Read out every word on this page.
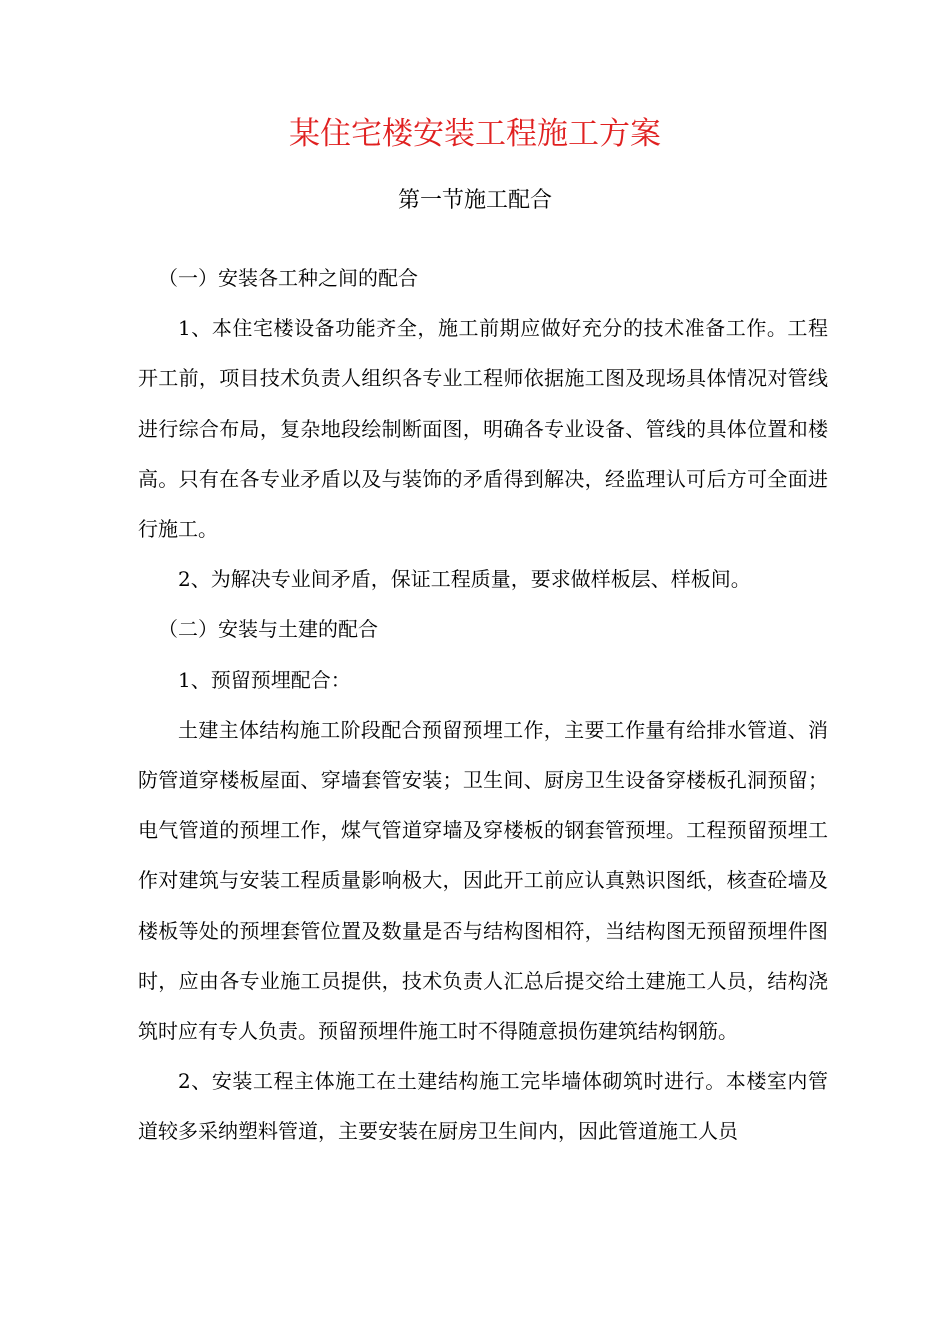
某住宅楼安装工程施工方案
第一节施工配合

（一）安装各工种之间的配合

1、本住宅楼设备功能齐全，施工前期应做好充分的技术准备工作。工程开工前，项目技术负责人组织各专业工程师依据施工图及现场具体情况对管线进行综合布局，复杂地段绘制断面图，明确各专业设备、管线的具体位置和楼高。只有在各专业矛盾以及与装饰的矛盾得到解决，经监理认可后方可全面进行施工。

2、为解决专业间矛盾，保证工程质量，要求做样板层、样板间。

（二）安装与土建的配合

1、预留预埋配合：

土建主体结构施工阶段配合预留预埋工作，主要工作量有给排水管道、消防管道穿楼板屋面、穿墙套管安装；卫生间、厨房卫生设备穿楼板孔洞预留；电气管道的预埋工作，煤气管道穿墙及穿楼板的钢套管预埋。工程预留预埋工作对建筑与安装工程质量影响极大，因此开工前应认真熟识图纸，核查砼墙及楼板等处的预埋套管位置及数量是否与结构图相符，当结构图无预留预埋件图时，应由各专业施工员提供，技术负责人汇总后提交给土建施工人员，结构浇筑时应有专人负责。预留预埋件施工时不得随意损伤建筑结构钢筋。

2、安装工程主体施工在土建结构施工完毕墙体砌筑时进行。本楼室内管道较多采纳塑料管道，主要安装在厨房卫生间内，因此管道施工人员
